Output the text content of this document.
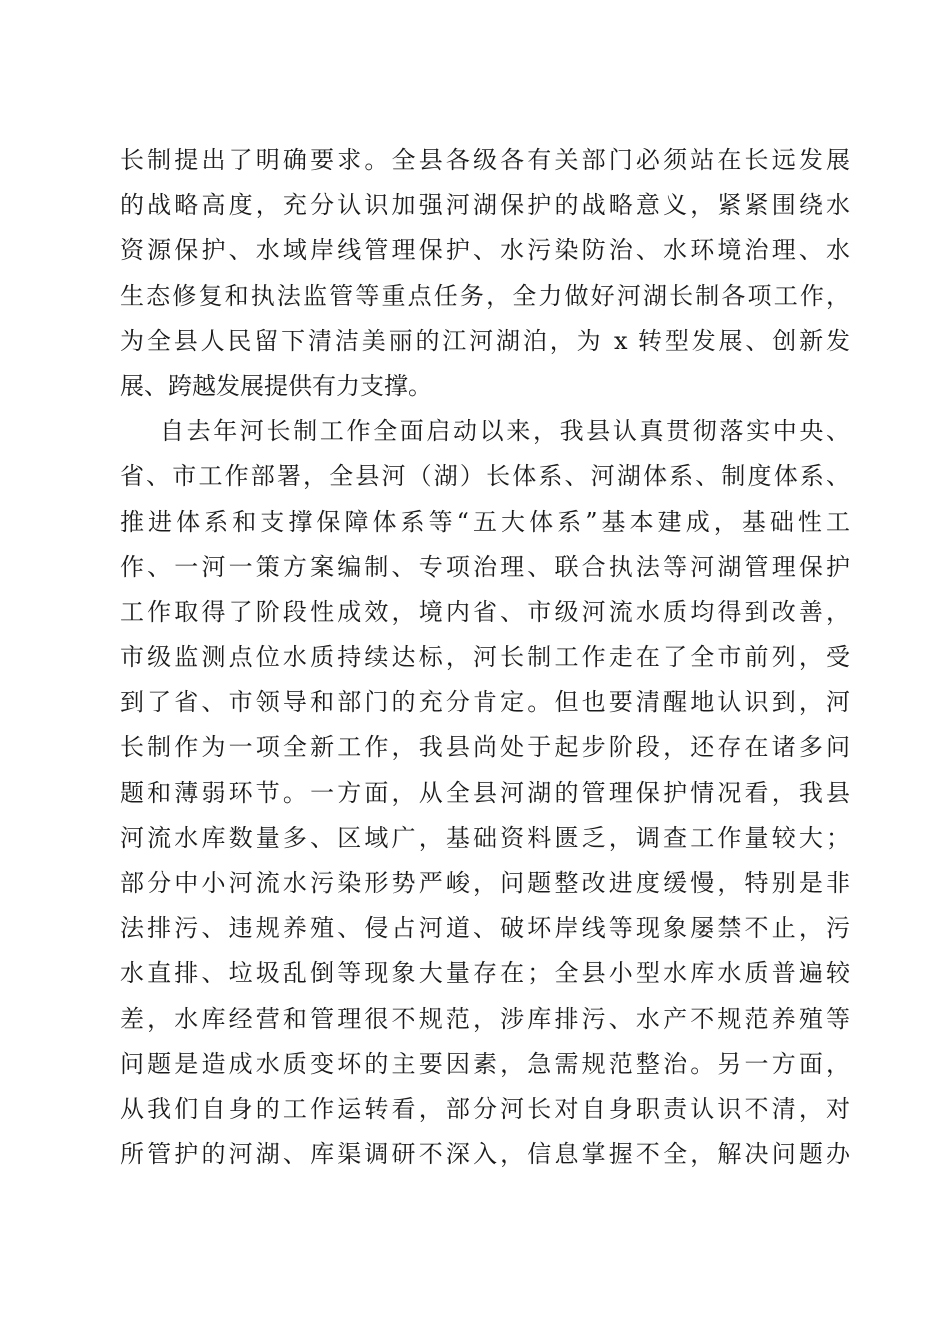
长制提出了明确要求。全县各级各有关部门必须站在长远发展
的战略高度，充分认识加强河湖保护的战略意义，紧紧围绕水
资源保护、水域岸线管理保护、水污染防治、水环境治理、水
生态修复和执法监管等重点任务，全力做好河湖长制各项工作，
为全县人民留下清洁美丽的江河湖泊，为 x 转型发展、创新发
展、跨越发展提供有力支撑。
自去年河长制工作全面启动以来，我县认真贯彻落实中央、
省、市工作部署，全县河（湖）长体系、河湖体系、制度体系、
推进体系和支撑保障体系等“五大体系”基本建成，基础性工
作、一河一策方案编制、专项治理、联合执法等河湖管理保护
工作取得了阶段性成效，境内省、市级河流水质均得到改善，
市级监测点位水质持续达标，河长制工作走在了全市前列，受
到了省、市领导和部门的充分肯定。但也要清醒地认识到，河
长制作为一项全新工作，我县尚处于起步阶段，还存在诸多问
题和薄弱环节。一方面，从全县河湖的管理保护情况看，我县
河流水库数量多、区域广，基础资料匮乏，调查工作量较大；
部分中小河流水污染形势严峻，问题整改进度缓慢，特别是非
法排污、违规养殖、侵占河道、破坏岸线等现象屡禁不止，污
水直排、垃圾乱倒等现象大量存在；全县小型水库水质普遍较
差，水库经营和管理很不规范，涉库排污、水产不规范养殖等
问题是造成水质变坏的主要因素，急需规范整治。另一方面，
从我们自身的工作运转看，部分河长对自身职责认识不清，对
所管护的河湖、库渠调研不深入，信息掌握不全，解决问题办
